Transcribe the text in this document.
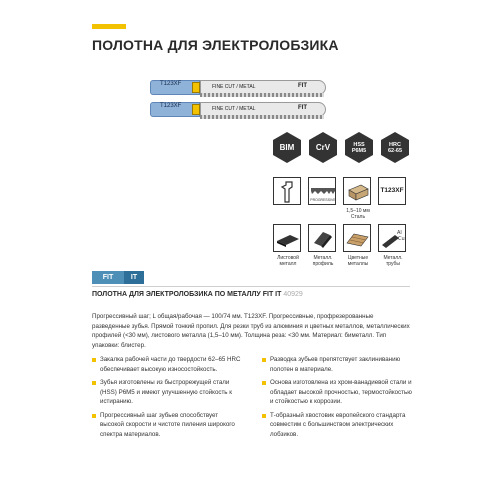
ПОЛОТНА ДЛЯ ЭЛЕКТРОЛОБЗИКА
T123XF	FINE CUT / METAL	FIT
T123XF	FINE CUT / METAL	FIT
BIM	CrV	HSS
P6M5
HRC
62-65
PROGRESSIVE
1,5–10 мм
Сталь
T123XF
Листовой
металл
Металл.
профиль
Цветные
металлы
Al
Cu
Металл.
трубы
FIT	IT
ПОЛОТНА ДЛЯ ЭЛЕКТРОЛОБЗИКА ПО МЕТАЛЛУ FIT IT 40929
Прогрессивный шаг; L общая/рабочая — 100/74 мм. T123XF. Прогрессивные, профрезерованные разведенные зубья. Прямой тонкий пропил. Для резки труб из алюминия и цветных металлов, металлических профилей (<30 мм), листового металла (1,5–10 мм). Толщина реза: <30 мм. Материал: биметалл. Тип упаковки: блистер.
Закалка рабочей части до твердости 62–65 HRC обеспечивает высокую износостойкость.
Зубья изготовлены из быстрорежущей стали (HSS) P6M5 и имеют улучшенную стойкость к истиранию.
Прогрессивный шаг зубьев способствует высокой скорости и чистоте пиления широкого спектра материалов.
Разводка зубьев препятствует заклиниванию полотен в материале.
Основа изготовлена из хром-ванадиевой стали и обладает высокой прочностью, термостойкостью и стойкостью к коррозии.
Т-образный хвостовик европейского стандарта совместим с большинством электрических лобзиков.
